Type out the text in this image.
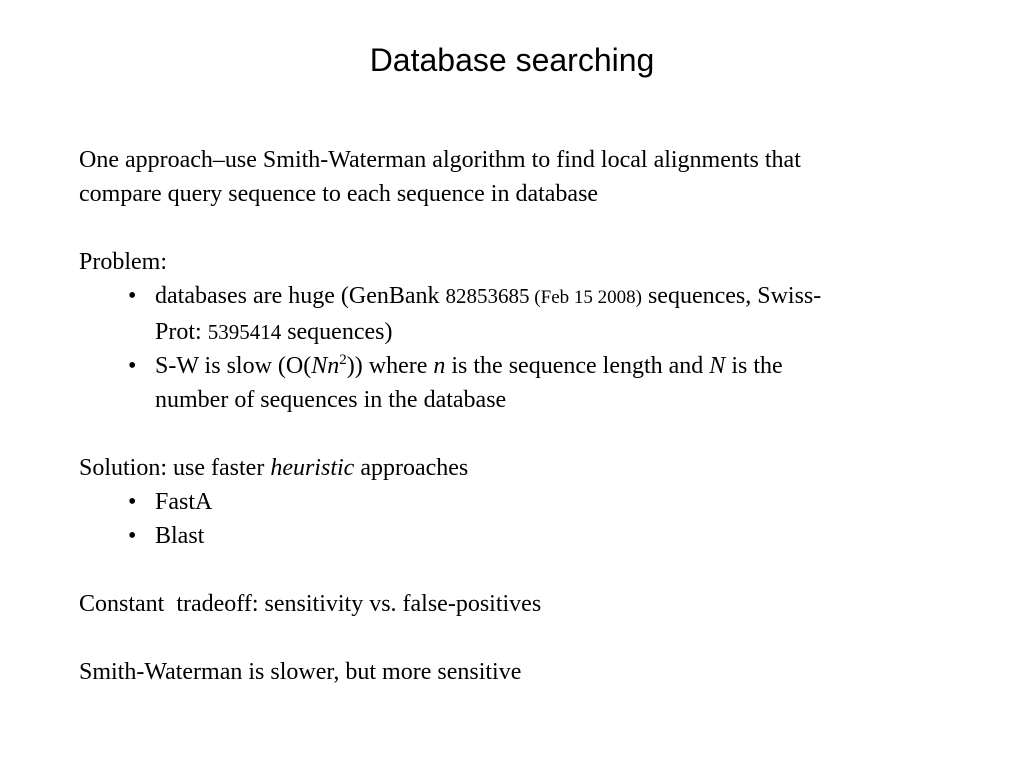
Database searching

One approach–use Smith-Waterman algorithm to find local alignments that
compare query sequence to each sequence in database

Problem:

• databases are huge (GenBank 82853685 (Feb 15 2008) sequences, Swiss-
Prot: 5395414 sequences)
• S-W is slow (O(Nn$^2$)) where n is the sequence length and N is the
number of sequences in the database

Solution: use faster heuristic approaches

• FastA
• Blast

Constant  tradeoff: sensitivity vs. false-positives

Smith-Waterman is slower, but more sensitive
